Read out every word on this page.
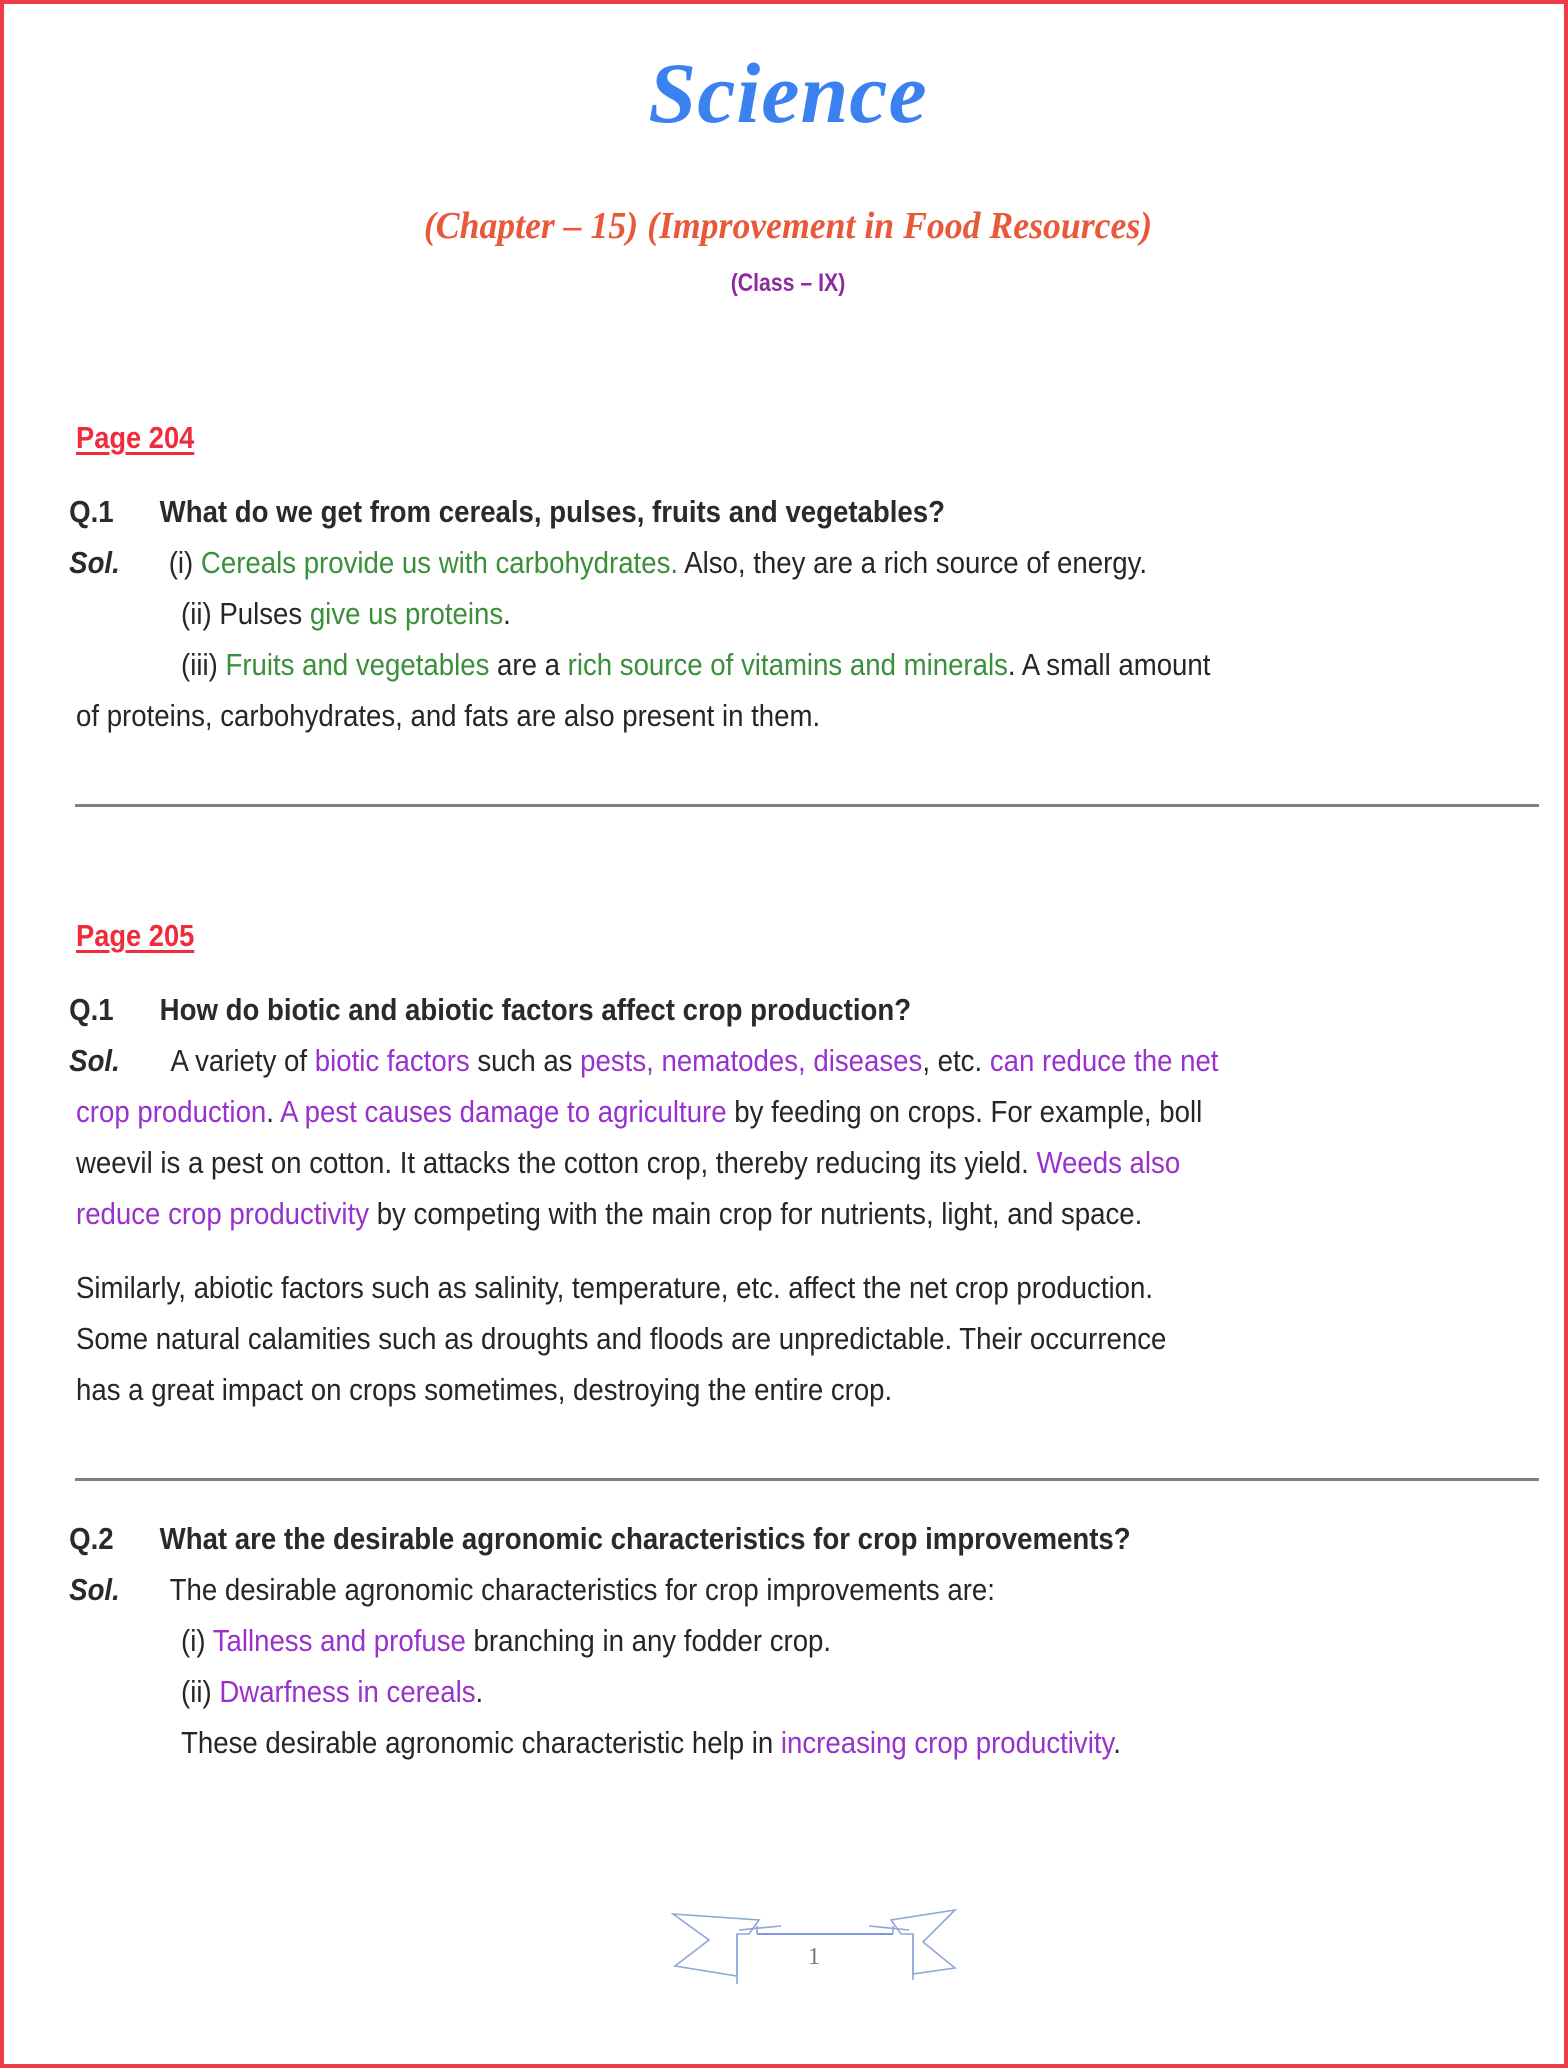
Science
(Chapter – 15) (Improvement in Food Resources)
(Class – IX)
Page 204
Q.1 What do we get from cereals, pulses, fruits and vegetables?
Sol. (i) Cereals provide us with carbohydrates. Also, they are a rich source of energy.
(ii) Pulses give us proteins.
(iii) Fruits and vegetables are a rich source of vitamins and minerals. A small amount
of proteins, carbohydrates, and fats are also present in them.
Page 205
Q.1 How do biotic and abiotic factors affect crop production?
Sol. A variety of biotic factors such as pests, nematodes, diseases, etc. can reduce the net
crop production. A pest causes damage to agriculture by feeding on crops. For example, boll
weevil is a pest on cotton. It attacks the cotton crop, thereby reducing its yield. Weeds also
reduce crop productivity by competing with the main crop for nutrients, light, and space.
Similarly, abiotic factors such as salinity, temperature, etc. affect the net crop production.
Some natural calamities such as droughts and floods are unpredictable. Their occurrence
has a great impact on crops sometimes, destroying the entire crop.
Q.2 What are the desirable agronomic characteristics for crop improvements?
Sol. The desirable agronomic characteristics for crop improvements are:
(i) Tallness and profuse branching in any fodder crop.
(ii) Dwarfness in cereals.
These desirable agronomic characteristic help in increasing crop productivity.
1
